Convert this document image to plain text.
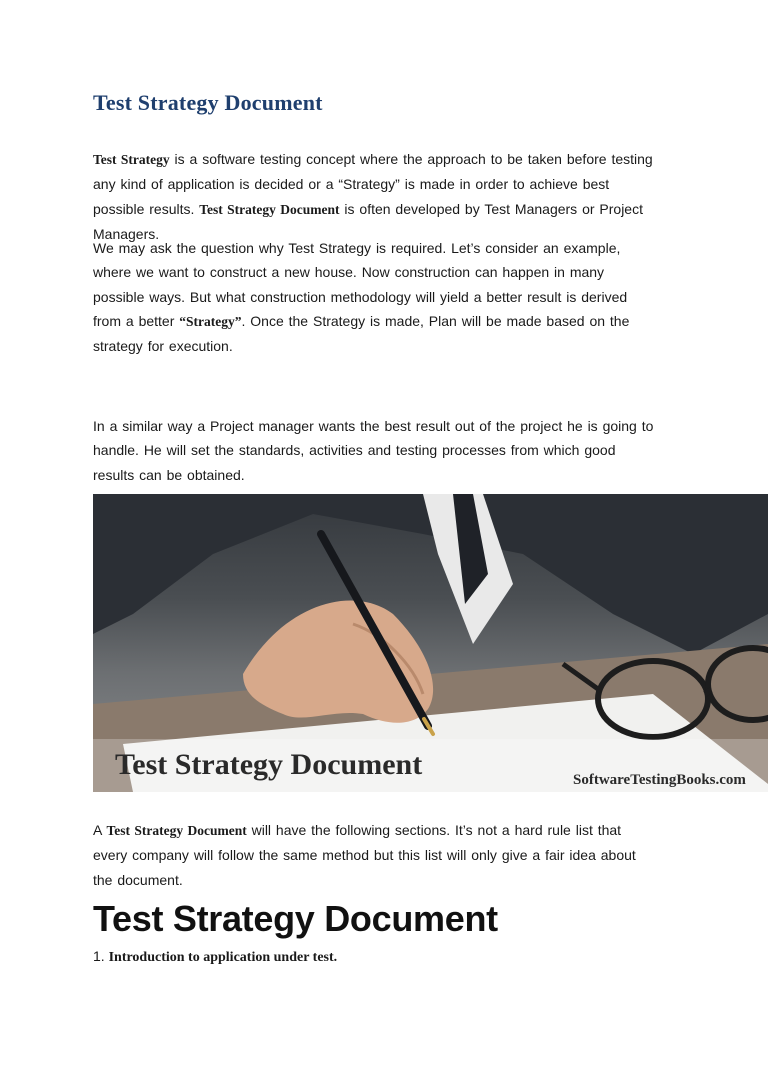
Test Strategy Document

Test Strategy is a software testing concept where the approach to be taken before testing
any kind of application is decided or a “Strategy” is made in order to achieve best
possible results. Test Strategy Document is often developed by Test Managers or Project
Managers.

We may ask the question why Test Strategy is required. Let’s consider an example,
where we want to construct a new house. Now construction can happen in many
possible ways. But what construction methodology will yield a better result is derived
from a better “Strategy”. Once the Strategy is made, Plan will be made based on the
strategy for execution.

In a similar way a Project manager wants the best result out of the project he is going to
handle. He will set the standards, activities and testing processes from which good
results can be obtained.

Test Strategy Document	SoftwareTestingBooks.com

A Test Strategy Document will have the following sections. It’s not a hard rule list that
every company will follow the same method but this list will only give a fair idea about
the document.

Test Strategy Document

1. Introduction to application under test.
